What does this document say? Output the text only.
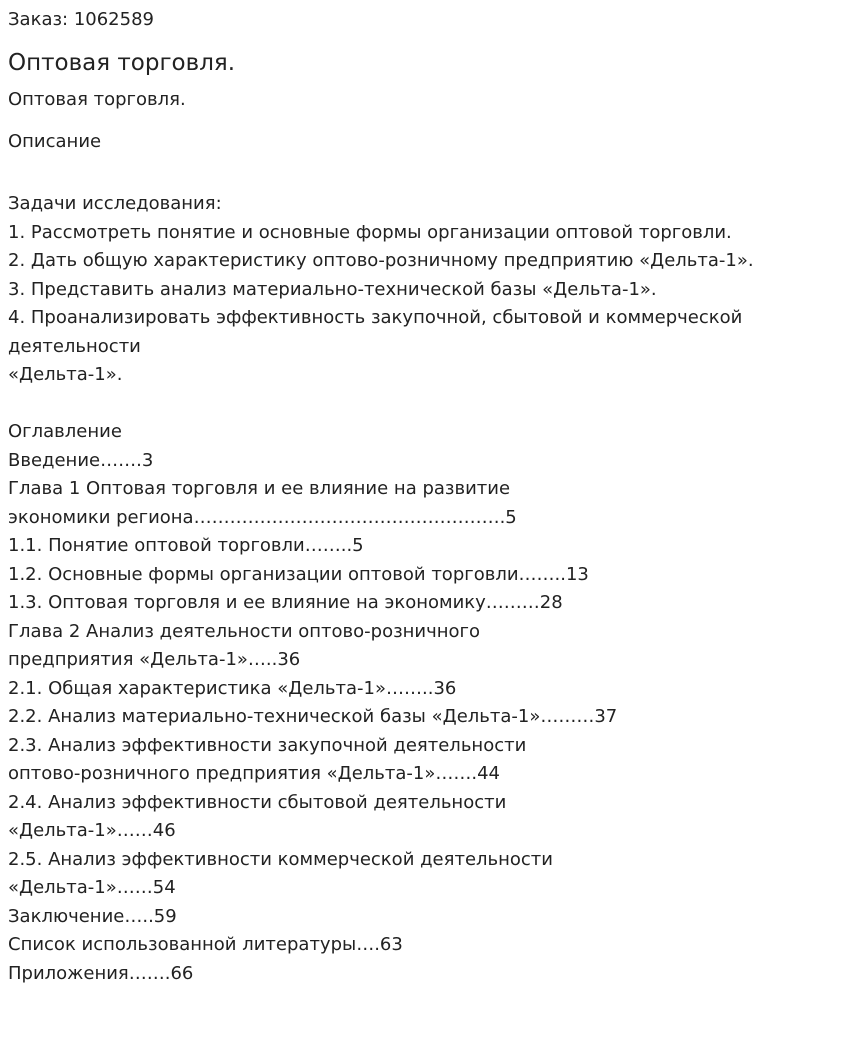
Заказ: 1062589

Оптовая торговля.

Оптовая торговля.

Описание

Задачи исследования:
1. Рассмотреть понятие и основные формы организации оптовой торговли.
2. Дать общую характеристику оптово-розничному предприятию «Дельта-1».
3. Представить анализ материально-технической базы «Дельта-1».
4. Проанализировать эффективность закупочной, сбытовой и коммерческой
деятельности
«Дельта-1».
Оглавление
Введение…….3
Глава 1 Оптовая торговля и ее влияние на развитие
экономики региона…………………………………………….5
1.1. Понятие оптовой торговли……..5
1.2. Основные формы организации оптовой торговли……..13
1.3. Оптовая торговля и ее влияние на экономику………28
Глава 2 Анализ деятельности оптово-розничного
предприятия «Дельта-1»…..36
2.1. Общая характеристика «Дельта-1»……..36
2.2. Анализ материально-технической базы «Дельта-1»………37
2.3. Анализ эффективности закупочной деятельности
оптово-розничного предприятия «Дельта-1»…….44
2.4. Анализ эффективности сбытовой деятельности
«Дельта-1»……46
2.5. Анализ эффективности коммерческой деятельности
«Дельта-1»……54
Заключение…..59
Список использованной литературы….63
Приложения…….66
